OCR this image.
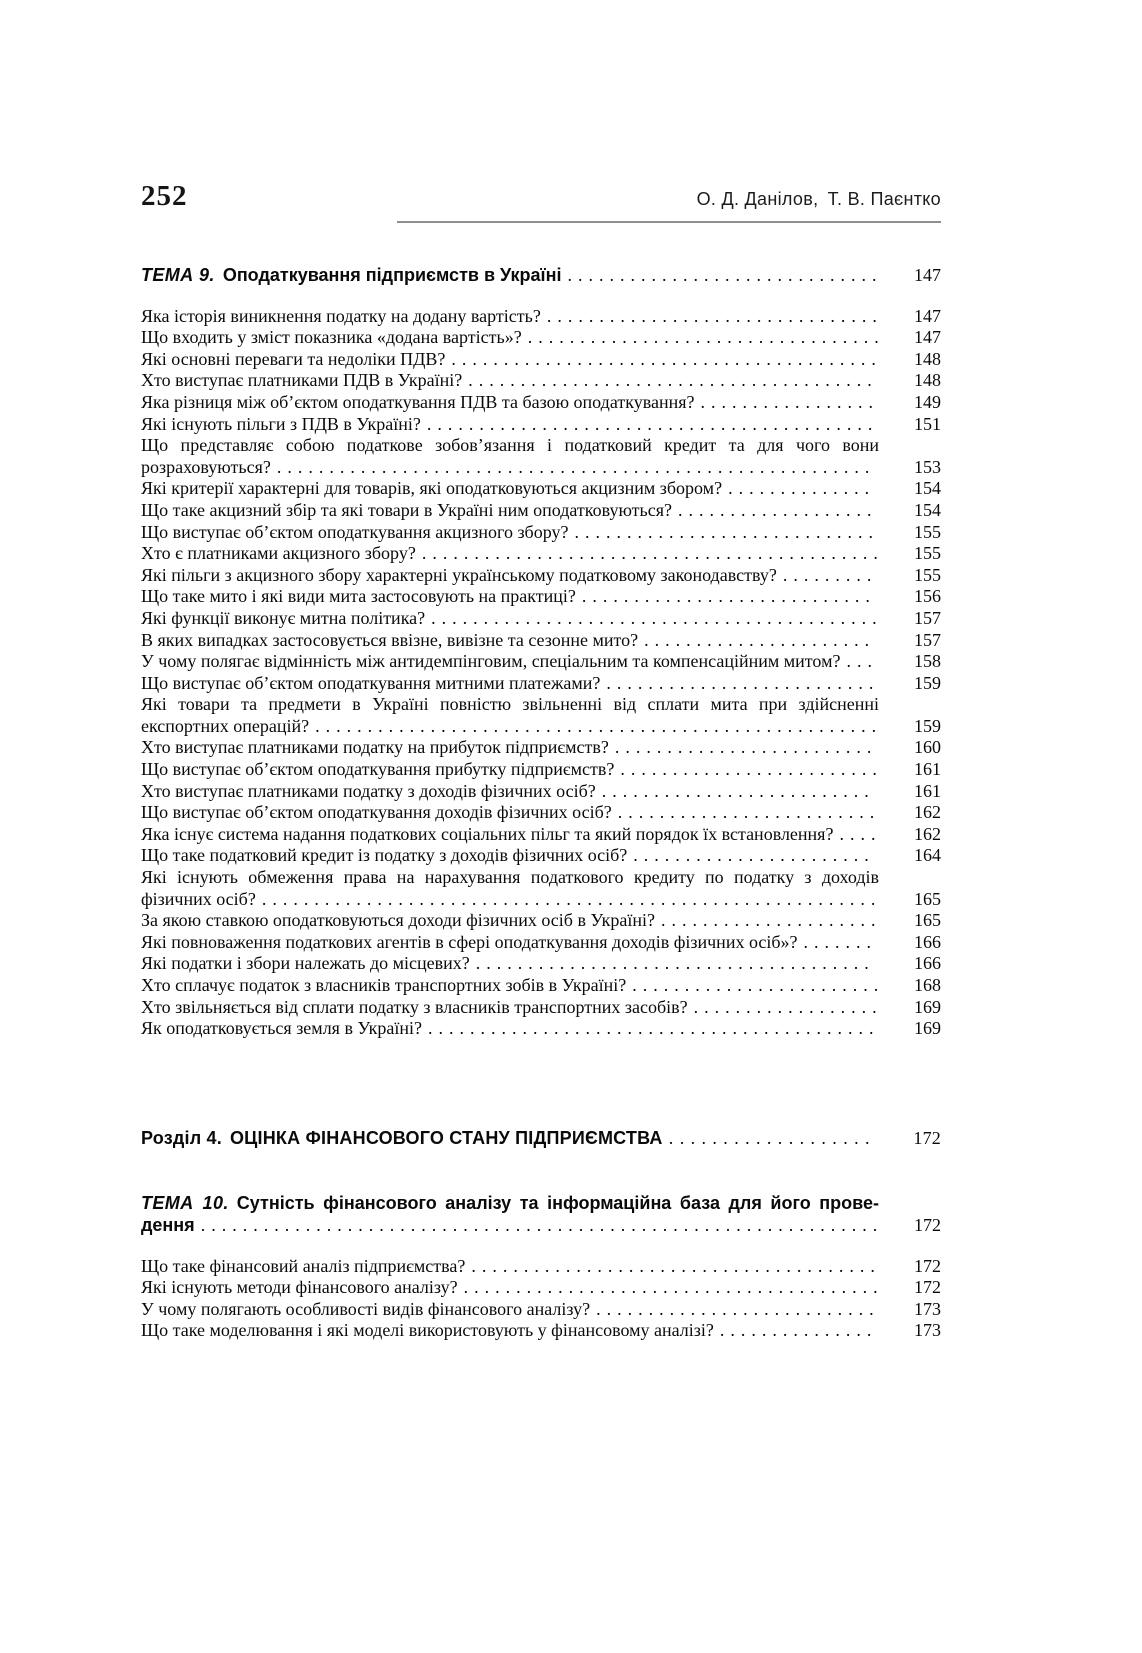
252	О. Д. Данілов, Т. В. Паєнтко
ТЕМА 9. Оподаткування підприємств в Україні . . . . . . . . . . . . . . . . . . . . . . . . . . . . . . 147
Яка історія виникнення податку на додану вартість? . . . . . . . . . . . . . . . . . . . . . . . . . . . . . . . . 147
Що входить у зміст показника «додана вартість»? . . . . . . . . . . . . . . . . . . . . . . . . . . . . . . . . . . 147
Які основні переваги та недоліки ПДВ? . . . . . . . . . . . . . . . . . . . . . . . . . . . . . . . . . . . . . . . . . 148
Хто виступає платниками ПДВ в Україні? . . . . . . . . . . . . . . . . . . . . . . . . . . . . . . . . . . . . . . . 148
Яка різниця між об’єктом оподаткування ПДВ та базою оподаткування? . . . . . . . . . . . . . . . . . 149
Які існують пільги з ПДВ в Україні? . . . . . . . . . . . . . . . . . . . . . . . . . . . . . . . . . . . . . . . . . . . 151
Що представляє собою податкове зобов’язання і податковий кредит та для чого вони розраховуються? . . . . . . . . . . . . . . . . . . . . . . . . . . . . . . . . . . . . . . . . . . . . . . . . . . . . . . . . . 153
Які критерії характерні для товарів, які оподатковуються акцизним збором? . . . . . . . . . . . . . . 154
Що таке акцизний збір та які товари в Україні ним оподатковуються? . . . . . . . . . . . . . . . . . . . 154
Що виступає об’єктом оподаткування акцизного збору? . . . . . . . . . . . . . . . . . . . . . . . . . . . . . 155
Хто є платниками акцизного збору? . . . . . . . . . . . . . . . . . . . . . . . . . . . . . . . . . . . . . . . . . . . . 155
Які пільги з акцизного збору характерні українському податковому законодавству? . . . . . . . . . 155
Що таке мито і які види мита застосовують на практиці? . . . . . . . . . . . . . . . . . . . . . . . . . . . . 156
Які функції виконує митна політика? . . . . . . . . . . . . . . . . . . . . . . . . . . . . . . . . . . . . . . . . . . . 157
В яких випадках застосовується ввізне, вивізне та сезонне мито? . . . . . . . . . . . . . . . . . . . . . . 157
У чому полягає відмінність між антидемпінговим, спеціальним та компенсаційним митом? . . . 158
Що виступає об’єктом оподаткування митними платежами? . . . . . . . . . . . . . . . . . . . . . . . . . . 159
Які товари та предмети в Україні повністю звільненні від сплати мита при здійсненні експортних операцій? . . . . . . . . . . . . . . . . . . . . . . . . . . . . . . . . . . . . . . . . . . . . . . . . . . . . . . 159
Хто виступає платниками податку на прибуток підприємств? . . . . . . . . . . . . . . . . . . . . . . . . . 160
Що виступає об’єктом оподаткування прибутку підприємств? . . . . . . . . . . . . . . . . . . . . . . . . . 161
Хто виступає платниками податку з доходів фізичних осіб? . . . . . . . . . . . . . . . . . . . . . . . . . .	161
Що виступає об’єктом оподаткування доходів фізичних осіб? . . . . . . . . . . . . . . . . . . . . . . . . . 162
Яка існує система надання податкових соціальних пільг та який порядок їх встановлення? . . . . 162
Що таке податковий кредит із податку з доходів фізичних осіб? . . . . . . . . . . . . . . . . . . . . . . .	164
Які існують обмеження права на нарахування податкового кредиту по податку з доходів фізичних осіб? . . . . . . . . . . . . . . . . . . . . . . . . . . . . . . . . . . . . . . . . . . . . . . . . . . . . . . . . . . . 165
За якою ставкою оподатковуються доходи фізичних осіб в Україні? . . . . . . . . . . . . . . . . . . . . . 165
Які повноваження податкових агентів в сфері оподаткування доходів фізичних осіб»? . . . . . . . 166
Які податки і збори належать до місцевих? . . . . . . . . . . . . . . . . . . . . . . . . . . . . . . . . . . . . . .	166
Хто сплачує податок з власників транспортних зобів в Україні? . . . . . . . . . . . . . . . . . . . . . . . . 168
Хто звільняється від сплати податку з власників транспортних засобів? . . . . . . . . . . . . . . . . . . 169
Як оподатковується земля в Україні? . . . . . . . . . . . . . . . . . . . . . . . . . . . . . . . . . . . . . . . . . . . 169
Розділ 4. ОЦІНКА ФІНАНСОВОГО СТАНУ ПІДПРИЄМСТВА . . . . . . . . . . . . . . . . . . . 172
ТЕМА 10. Сутність фінансового аналізу та інформаційна база для його проведення . . . . . . . . . . . . . . . . . . . . . . . . . . . . . . . . . . . . . . . . . . . . . . . . . . . . . . . . . . . . . . . . . 172
Що таке фінансовий аналіз підприємства? . . . . . . . . . . . . . . . . . . . . . . . . . . . . . . . . . . . . . . . 172
Які існують методи фінансового аналізу? . . . . . . . . . . . . . . . . . . . . . . . . . . . . . . . . . . . . . . . . 172
У чому полягають особливості видів фінансового аналізу? . . . . . . . . . . . . . . . . . . . . . . . . . . . 173
Що таке моделювання і які моделі використовують у фінансовому аналізі? . . . . . . . . . . . . . . . 173
